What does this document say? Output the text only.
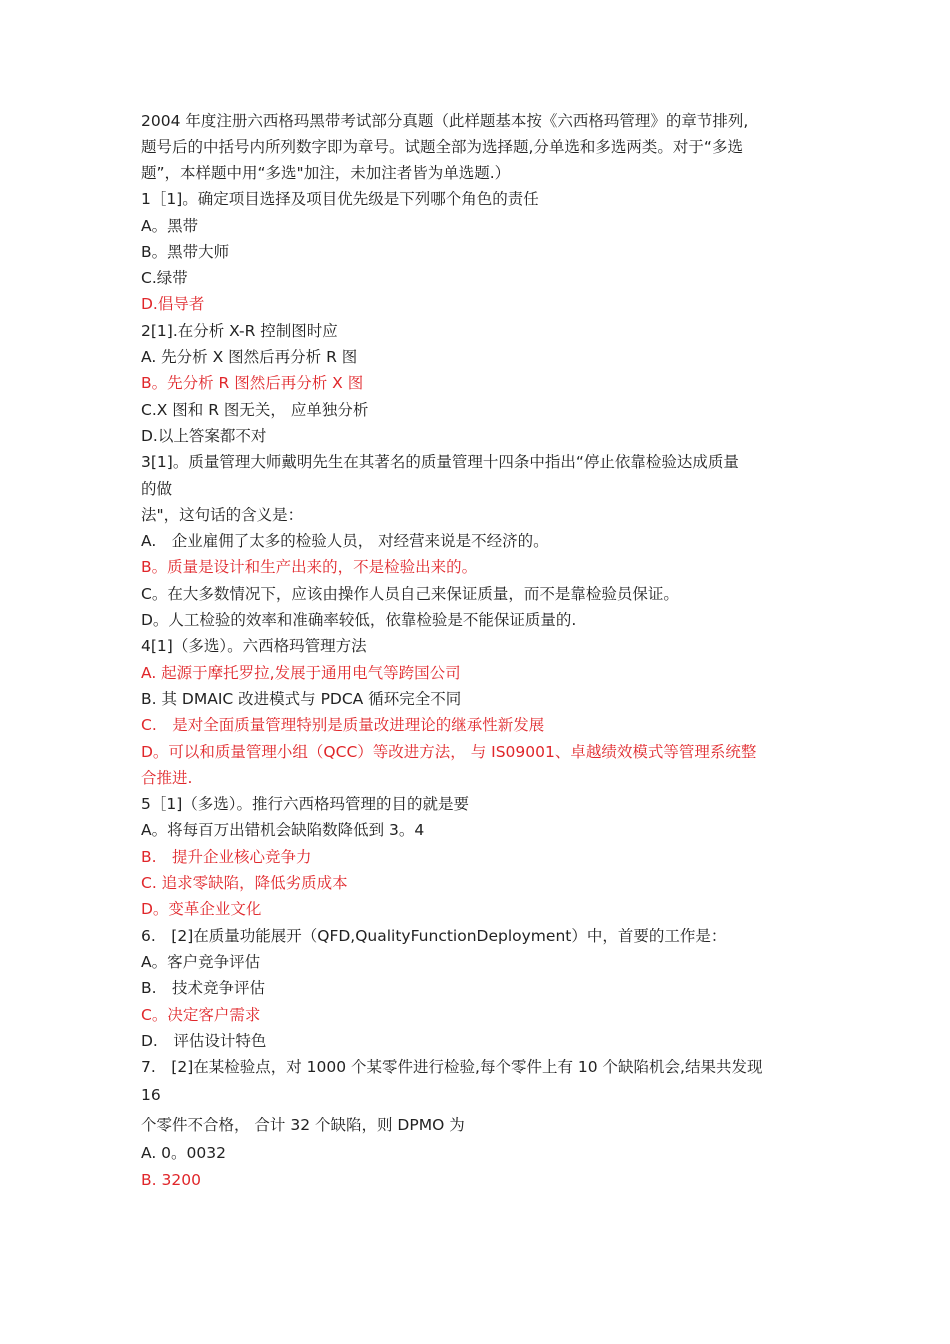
2004 年度注册六西格玛黑带考试部分真题（此样题基本按《六西格玛管理》的章节排列,
题号后的中括号内所列数字即为章号。试题全部为选择题,分单选和多选两类。对于“多选
题”，本样题中用“多选"加注，未加注者皆为单选题.）
1［1]。确定项目选择及项目优先级是下列哪个角色的责任
A。黑带
B。黑带大师
C.绿带
D.倡导者
2[1].在分析 X-R 控制图时应
A. 先分析 X 图然后再分析 R 图
B。先分析 R 图然后再分析 X 图
C.X 图和 R 图无关， 应单独分析
D.以上答案都不对
3[1]。质量管理大师戴明先生在其著名的质量管理十四条中指出“停止依靠检验达成质量
的做
法"，这句话的含义是：
A.　企业雇佣了太多的检验人员， 对经营来说是不经济的。
B。质量是设计和生产出来的，不是检验出来的。
C。在大多数情况下，应该由操作人员自己来保证质量，而不是靠检验员保证。
D。人工检验的效率和准确率较低，依靠检验是不能保证质量的.
4[1]（多选）。六西格玛管理方法
A. 起源于摩托罗拉,发展于通用电气等跨国公司
B. 其 DMAIC 改进模式与 PDCA 循环完全不同
C.　是对全面质量管理特别是质量改进理论的继承性新发展
D。可以和质量管理小组（QCC）等改进方法， 与 IS09001、卓越绩效模式等管理系统整
合推进.
5［1]（多选）。推行六西格玛管理的目的就是要
A。将每百万出错机会缺陷数降低到 3。4
B.　提升企业核心竞争力
C. 追求零缺陷，降低劣质成本
D。变革企业文化
6.　[2]在质量功能展开（QFD,QualityFunctionDeployment）中，首要的工作是：
A。客户竞争评估
B.　技术竞争评估
C。决定客户需求
D.　评估设计特色
7.　[2]在某检验点，对 1000 个某零件进行检验,每个零件上有 10 个缺陷机会,结果共发现
16
个零件不合格， 合计 32 个缺陷，则 DPMO 为
A. 0。0032
B. 3200
